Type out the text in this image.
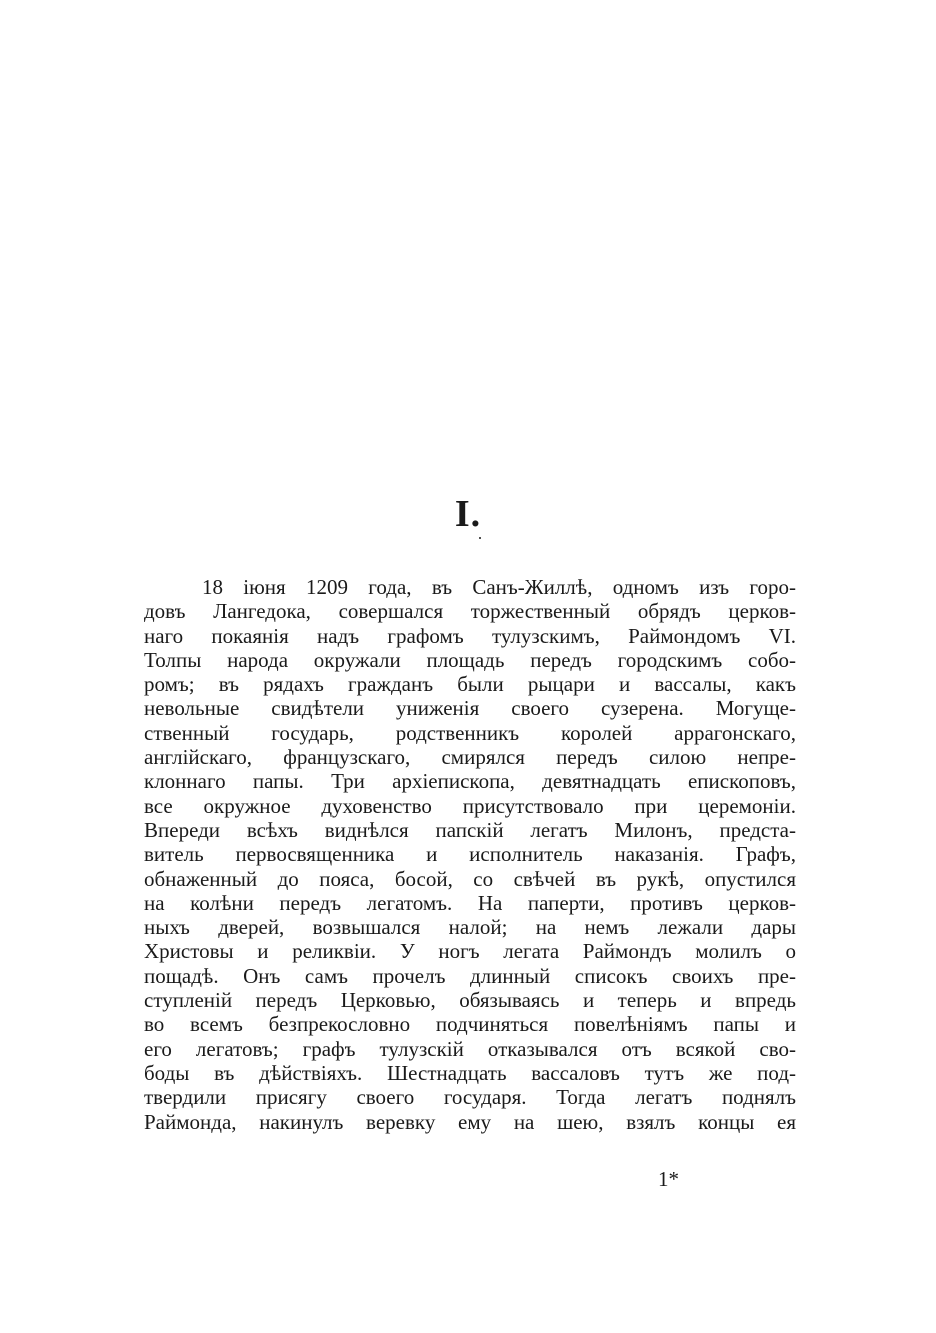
I.
18 іюня 1209 года, въ Санъ-Жиллѣ, одномъ изъ горо-
довъ Лангедока, совершался торжественный обрядъ церков-
наго покаянія надъ графомъ тулузскимъ, Раймондомъ VI.
Толпы народа окружали площадь передъ городскимъ собо-
ромъ; въ рядахъ гражданъ были рыцари и вассалы, какъ
невольные свидѣтели униженія своего сузерена. Могущe-
ственный государь, родственникъ королей аррагонскаго,
англійскаго, французскаго, смирялся передъ силою непре-
клоннаго папы. Три архіепископа, девятнадцать епископовъ,
все окружное духовенство присутствовало при церемоніи.
Впереди всѣхъ виднѣлся папскій легатъ Милонъ, предста-
витель первосвященника и исполнитель наказанія. Графъ,
обнаженный до пояса, босой, со свѣчей въ рукѣ, опустился
на колѣни передъ легатомъ. На паперти, противъ церков-
ныхъ дверей, возвышался налой; на немъ лежали дары
Христовы и реликвіи. У ногъ легата Раймондъ молилъ о
пощадѣ. Онъ самъ прочелъ длинный списокъ своихъ пре-
ступленій передъ Церковью, обязываясь и теперь и впредь
во всемъ безпрекословно подчиняться повелѣніямъ папы и
его легатовъ; графъ тулузскій отказывался отъ всякой сво-
боды въ дѣйствіяхъ. Шестнадцать вассаловъ тутъ же под-
твердили присягу своего государя. Тогда легатъ поднялъ
Раймонда, накинулъ веревку ему на шею, взялъ концы ея
1*
